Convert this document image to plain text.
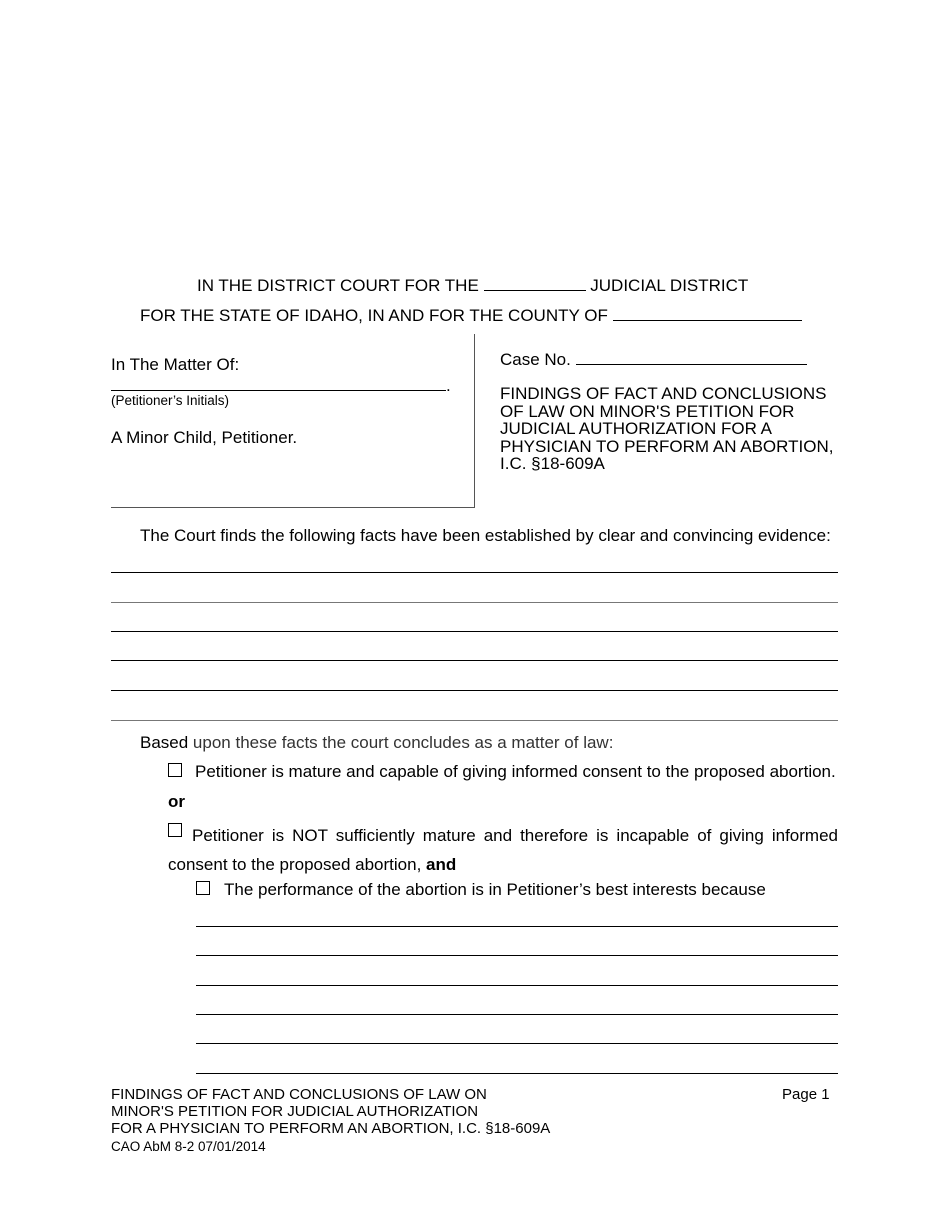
IN THE DISTRICT COURT FOR THE	JUDICIAL DISTRICT
FOR THE STATE OF IDAHO, IN AND FOR THE COUNTY OF
In The Matter Of:
.
(Petitioner’s Initials)
A Minor Child, Petitioner.
Case No.
FINDINGS OF FACT AND CONCLUSIONS OF LAW ON MINOR'S PETITION FOR JUDICIAL AUTHORIZATION FOR A PHYSICIAN TO PERFORM AN ABORTION, I.C. §18-609A
The Court finds the following facts have been established by clear and convincing evidence:
Based upon these facts the court concludes as a matter of law:
Petitioner is mature and capable of giving informed consent to the proposed abortion.
or
Petitioner is NOT sufficiently mature and therefore is incapable of giving informed consent to the proposed abortion, and
The performance of the abortion is in Petitioner’s best interests because
FINDINGS OF FACT AND CONCLUSIONS OF LAW ON
MINOR'S PETITION FOR JUDICIAL AUTHORIZATION
FOR A PHYSICIAN TO PERFORM AN ABORTION, I.C. §18-609A
CAO AbM 8-2 07/01/2014
Page 1
